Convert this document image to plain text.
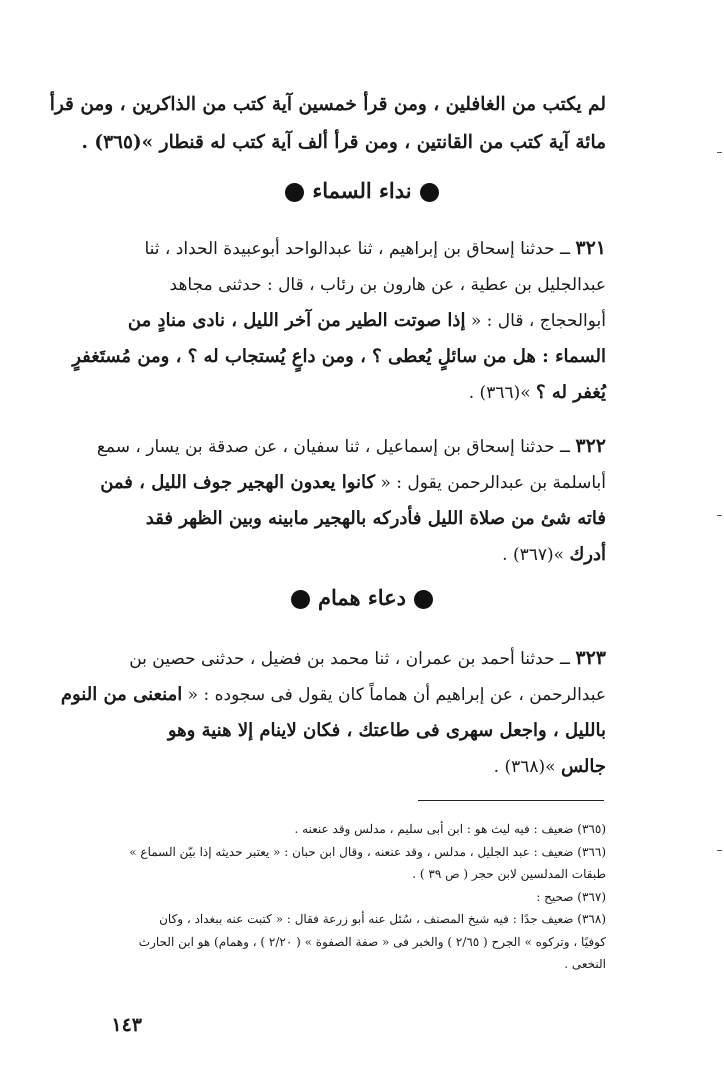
لم يكتب من الغافلين ، ومن قرأ خمسين آية كتب من الذاكرين ، ومن قرأ
مائة آية كتب من القانتين ، ومن قرأ ألف آية كتب له قنطار »(٣٦٥) .

نداء السماء

٣٢١ ــ حدثنا إسحاق بن إبراهيم ، ثنا عبدالواحد أبوعبيدة الحداد ، ثنا
عبدالجليل بن عطية ، عن هارون بن رئاب ، قال : حدثنى مجاهد
أبوالحجاج ، قال : « إذا صوتت الطير من آخر الليل ، نادى منادٍ من
السماء : هل من سائلٍ يُعطى ؟ ، ومن داعٍ يُستجاب له ؟ ، ومن مُستَغفرٍ
يُغفر له ؟ »(٣٦٦) .

٣٢٢ ــ حدثنا إسحاق بن إسماعيل ، ثنا سفيان ، عن صدقة بن يسار ، سمع
أباسلمة بن عبدالرحمن يقول : « كانوا يعدون الهجير جوف الليل ، فمن
فاته شئ من صلاة الليل فأدركه بالهجير مابينه وبين الظهر فقد
أدرك »(٣٦٧) .

دعاء همام

٣٢٣ ــ حدثنا أحمد بن عمران ، ثنا محمد بن فضيل ، حدثنى حصين بن
عبدالرحمن ، عن إبراهيم أن هماماً كان يقول فى سجوده : « امنعنى من النوم
بالليل ، واجعل سهرى فى طاعتك ، فكان لاينام إلا هنية وهو
جالس »(٣٦٨) .

(٣٦٥) ضعيف : فيه ليث هو : ابن أبى سليم ، مدلس وقد عنعنه .
(٣٦٦) ضعيف : عبد الجليل ، مدلس ، وقد عنعنه ، وقال ابن حبان : « يعتبر حديثه إذا بيّن السماع »
طبقات المدلسين لابن حجر ( ص ٣٩ ) .
(٣٦٧) صحيح :
(٣٦٨) ضعيف جدًا : فيه شيخ المصنف ، سُئل عنه أبو زرعة فقال : « كتبت عنه ببغداد ، وكان
كوفيًا ، وتركوه » الجرح ( ٢/٦٥ ) والخبر فى « صفة الصفوة » ( ٢/٢٠ ) ، وهمام) هو ابن الحارث
النخعى .
١٤٣
